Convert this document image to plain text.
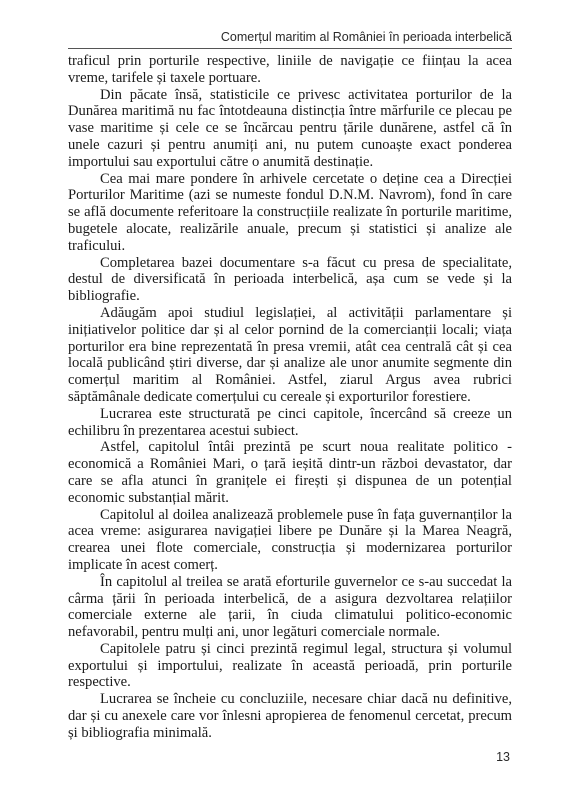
Comerțul maritim al României în perioada interbelică

traficul prin porturile respective, liniile de navigație ce ființau la acea vreme, tarifele și taxele portuare.

Din păcate însă, statisticile ce privesc activitatea porturilor de la Dunărea maritimă nu fac întotdeauna distincția între mărfurile ce plecau pe vase maritime și cele ce se încărcau pentru țările dunărene, astfel că în unele cazuri și pentru anumiți ani, nu putem cunoaște exact ponderea importului sau exportului către o anumită destinație.

Cea mai mare pondere în arhivele cercetate o deține cea a Direcției Porturilor Maritime (azi se numeste fondul D.N.M. Navrom), fond în care se află documente referitoare la construcțiile realizate în porturile maritime, bugetele alocate, realizările anuale, precum și statistici și analize ale traficului.

Completarea bazei documentare s-a făcut cu presa de specialitate, destul de diversificată în perioada interbelică, așa cum se vede și la bibliografie.

Adăugăm apoi studiul legislației, al activității parlamentare și inițiativelor politice dar și al celor pornind de la comercianții locali; viața porturilor era bine reprezentată în presa vremii, atât cea centrală cât și cea locală publicând știri diverse, dar și analize ale unor anumite segmente din comerțul maritim al României. Astfel, ziarul Argus avea rubrici săptămânale dedicate comerțului cu cereale și exporturilor forestiere.

Lucrarea este structurată pe cinci capitole, încercând să creeze un echilibru în prezentarea acestui subiect.

Astfel, capitolul întâi prezintă pe scurt noua realitate politico - economică a României Mari, o țară ieșită dintr-un război devastator, dar care se afla atunci în granițele ei firești și dispunea de un potențial economic substanțial mărit.

Capitolul al doilea analizează problemele puse în fața guvernanților la acea vreme: asigurarea navigației libere pe Dunăre și la Marea Neagră, crearea unei flote comerciale, construcția și modernizarea porturilor implicate în acest comerț.

În capitolul al treilea se arată eforturile guvernelor ce s-au succedat la cârma țării în perioada interbelică, de a asigura dezvoltarea relațiilor comerciale externe ale țarii, în ciuda climatului politico-economic nefavorabil, pentru mulți ani, unor legături comerciale normale.

Capitolele patru și cinci prezintă regimul legal, structura și volumul exportului și importului, realizate în această perioadă, prin porturile respective.

Lucrarea se încheie cu concluziile, necesare chiar dacă nu definitive, dar și cu anexele care vor înlesni apropierea de fenomenul cercetat, precum și bibliografia minimală.

13
